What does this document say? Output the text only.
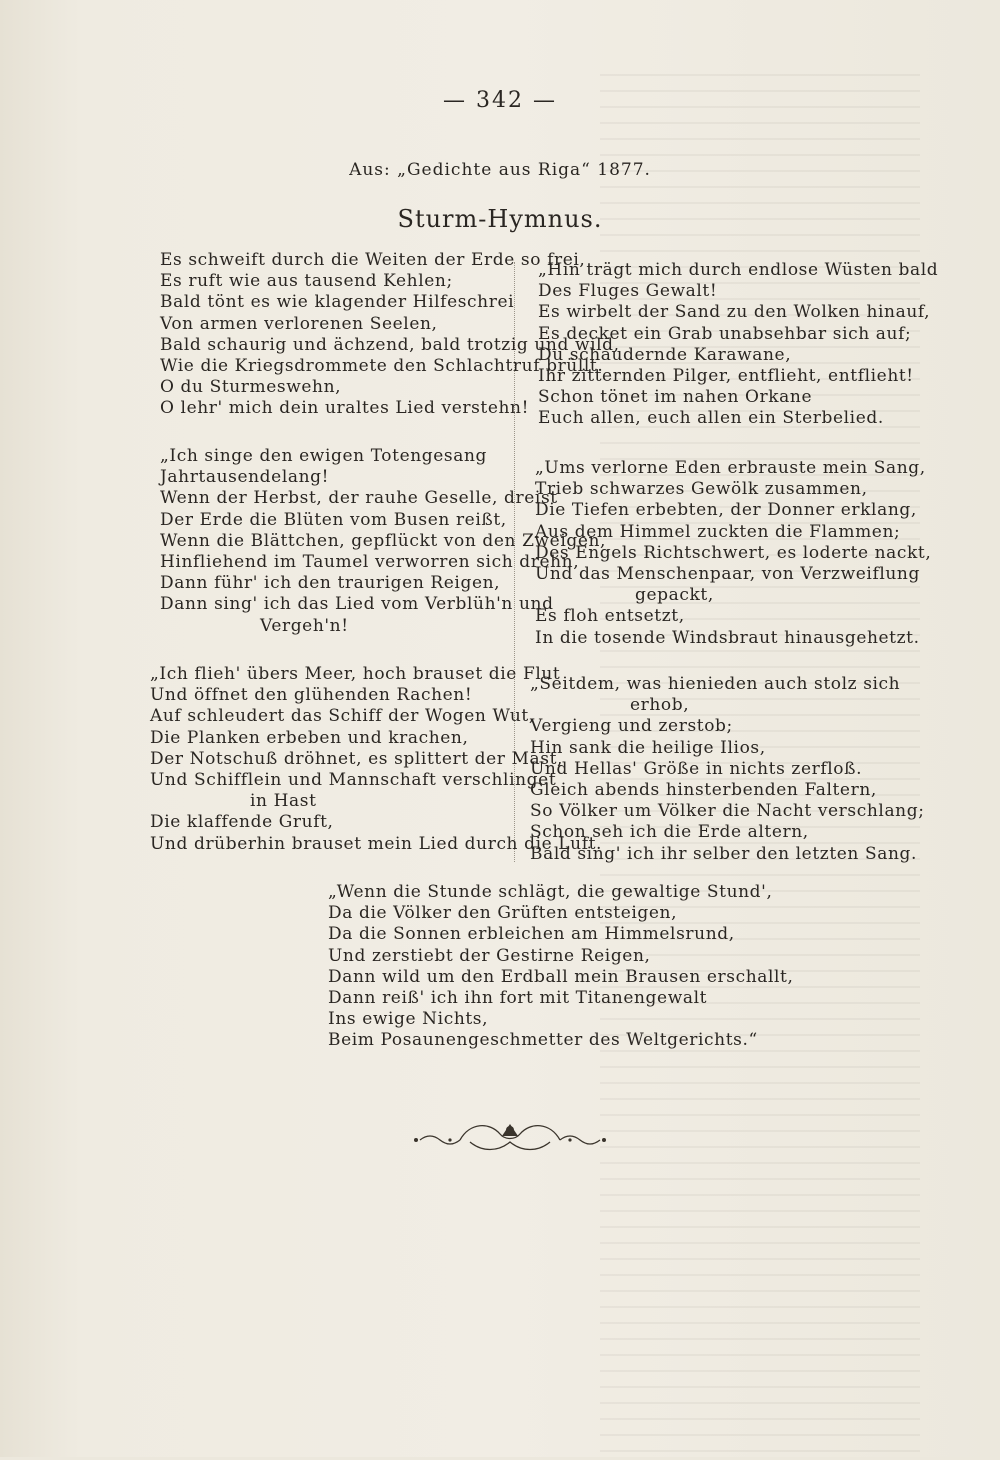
— 342 —
Aus: „Gedichte aus Riga“ 1877.
Sturm-Hymnus.
Es schweift durch die Weiten der Erde so frei,
Es ruft wie aus tausend Kehlen;
Bald tönt es wie klagender Hilfeschrei
Von armen verlorenen Seelen,
Bald schaurig und ächzend, bald trotzig und wild,
Wie die Kriegsdrommete den Schlachtruf brüllt.
O du Sturmeswehn,
O lehr' mich dein uraltes Lied verstehn!
„Ich singe den ewigen Totengesang
Jahrtausendelang!
Wenn der Herbst, der rauhe Geselle, dreist
Der Erde die Blüten vom Busen reißt,
Wenn die Blättchen, gepflückt von den Zweigen,
Hinfliehend im Taumel verworren sich drehn,
Dann führ' ich den traurigen Reigen,
Dann sing' ich das Lied vom Verblüh'n und
Vergeh'n!
„Ich flieh' übers Meer, hoch brauset die Flut
Und öffnet den glühenden Rachen!
Auf schleudert das Schiff der Wogen Wut,
Die Planken erbeben und krachen,
Der Notschuß dröhnet, es splittert der Mast,
Und Schifflein und Mannschaft verschlinget
in Hast
Die klaffende Gruft,
Und drüberhin brauset mein Lied durch die Luft.
„Hin trägt mich durch endlose Wüsten bald
Des Fluges Gewalt!
Es wirbelt der Sand zu den Wolken hinauf,
Es decket ein Grab unabsehbar sich auf;
Du schaudernde Karawane,
Ihr zitternden Pilger, entflieht, entflieht!
Schon tönet im nahen Orkane
Euch allen, euch allen ein Sterbelied.
„Ums verlorne Eden erbrauste mein Sang,
Trieb schwarzes Gewölk zusammen,
Die Tiefen erbebten, der Donner erklang,
Aus dem Himmel zuckten die Flammen;
Des Engels Richtschwert, es loderte nackt,
Und das Menschenpaar, von Verzweiflung
gepackt,
Es floh entsetzt,
In die tosende Windsbraut hinausgehetzt.
„Seitdem, was hienieden auch stolz sich
erhob,
Vergieng und zerstob;
Hin sank die heilige Ilios,
Und Hellas' Größe in nichts zerfloß.
Gleich abends hinsterbenden Faltern,
So Völker um Völker die Nacht verschlang;
Schon seh ich die Erde altern,
Bald sing' ich ihr selber den letzten Sang.
„Wenn die Stunde schlägt, die gewaltige Stund',
Da die Völker den Grüften entsteigen,
Da die Sonnen erbleichen am Himmelsrund,
Und zerstiebt der Gestirne Reigen,
Dann wild um den Erdball mein Brausen erschallt,
Dann reiß' ich ihn fort mit Titanengewalt
Ins ewige Nichts,
Beim Posaunengeschmetter des Weltgerichts.“
